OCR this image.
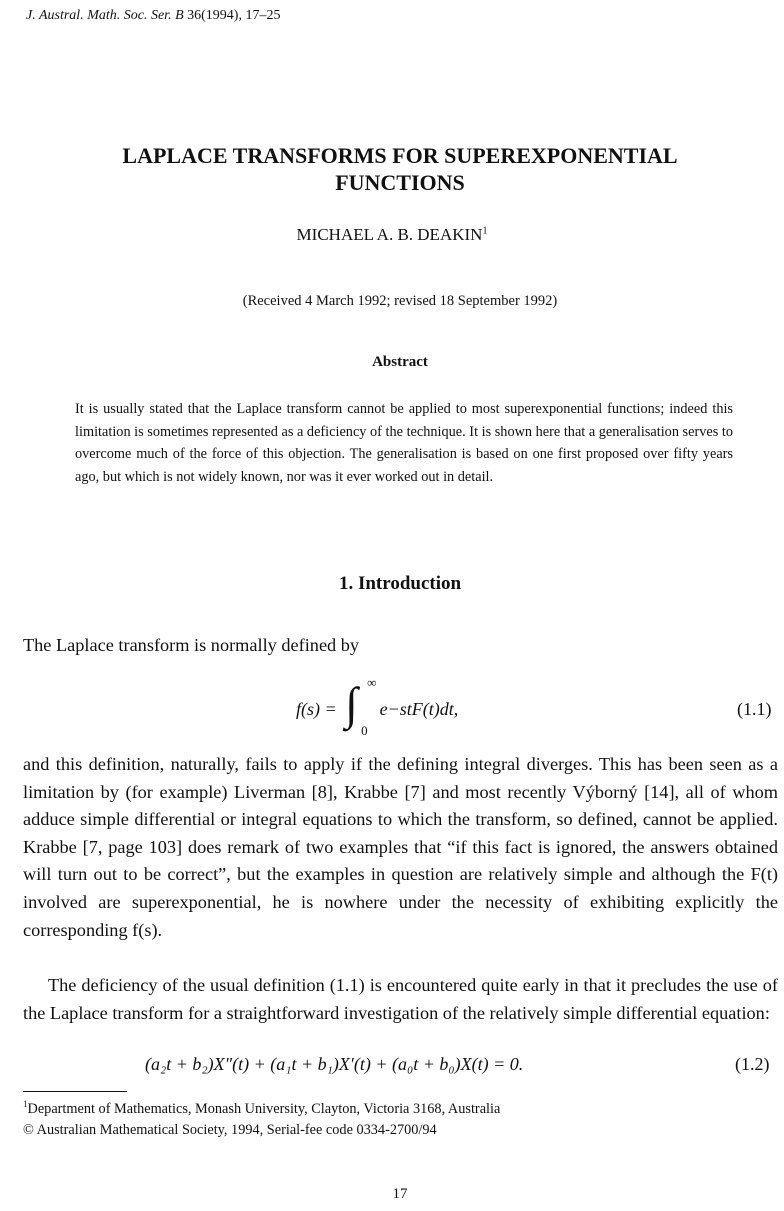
J. Austral. Math. Soc. Ser. B 36(1994), 17–25
LAPLACE TRANSFORMS FOR SUPEREXPONENTIAL
FUNCTIONS
MICHAEL A. B. DEAKIN$^1$
(Received 4 March 1992; revised 18 September 1992)
Abstract
It is usually stated that the Laplace transform cannot be applied to most superexponential functions; indeed this limitation is sometimes represented as a deficiency of the technique. It is shown here that a generalisation serves to overcome much of the force of this objection. The generalisation is based on one first proposed over fifty years ago, but which is not widely known, nor was it ever worked out in detail.
1. Introduction
The Laplace transform is normally defined by
f(s) = ∫ ∞
0
e−stF(t)dt,	(1.1)
and this definition, naturally, fails to apply if the defining integral diverges. This has been seen as a limitation by (for example) Liverman [8], Krabbe [7] and most recently Výborný [14], all of whom adduce simple differential or integral equations to which the transform, so defined, cannot be applied. Krabbe [7, page 103] does remark of two examples that “if this fact is ignored, the answers obtained will turn out to be correct”, but the examples in question are relatively simple and although the F(t) involved are superexponential, he is nowhere under the necessity of exhibiting explicitly the corresponding f(s).
The deficiency of the usual definition (1.1) is encountered quite early in that it precludes the use of the Laplace transform for a straightforward investigation of the relatively simple differential equation:
(a₂t + b₂)X″(t) + (a₁t + b₁)X′(t) + (a₀t + b₀)X(t) = 0.	(1.2)
$^1$Department of Mathematics, Monash University, Clayton, Victoria 3168, Australia
© Australian Mathematical Society, 1994, Serial-fee code 0334-2700/94
17
